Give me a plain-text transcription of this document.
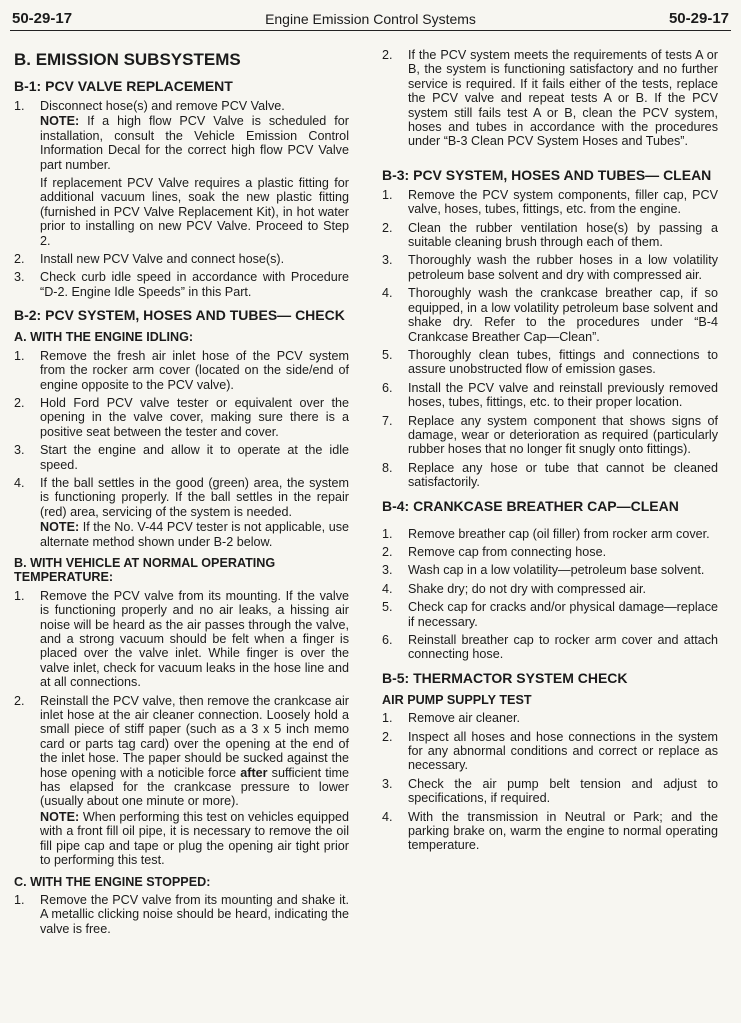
50-29-17	Engine Emission Control Systems	50-29-17
B. EMISSION SUBSYSTEMS
B-1: PCV VALVE REPLACEMENT
1. Disconnect hose(s) and remove PCV Valve.
NOTE: If a high flow PCV Valve is scheduled for installation, consult the Vehicle Emission Control Information Decal for the correct high flow PCV Valve part number.
If replacement PCV Valve requires a plastic fitting for additional vacuum lines, soak the new plastic fitting (furnished in PCV Valve Replacement Kit), in hot water prior to installing on new PCV Valve. Proceed to Step 2.
2. Install new PCV Valve and connect hose(s).
3. Check curb idle speed in accordance with Procedure “D-2. Engine Idle Speeds” in this Part.
B-2: PCV SYSTEM, HOSES AND TUBES— CHECK
A. WITH THE ENGINE IDLING:
1. Remove the fresh air inlet hose of the PCV system from the rocker arm cover (located on the side/end of engine opposite to the PCV valve).
2. Hold Ford PCV valve tester or equivalent over the opening in the valve cover, making sure there is a positive seat between the tester and cover.
3. Start the engine and allow it to operate at the idle speed.
4. If the ball settles in the good (green) area, the system is functioning properly. If the ball settles in the repair (red) area, servicing of the system is needed.
NOTE: If the No. V-44 PCV tester is not applicable, use alternate method shown under B-2 below.
B. WITH VEHICLE AT NORMAL OPERATING TEMPERATURE:
1. Remove the PCV valve from its mounting. If the valve is functioning properly and no air leaks, a hissing air noise will be heard as the air passes through the valve, and a strong vacuum should be felt when a finger is placed over the valve inlet. While finger is over the valve inlet, check for vacuum leaks in the hose line and at all connections.
2. Reinstall the PCV valve, then remove the crankcase air inlet hose at the air cleaner connection. Loosely hold a small piece of stiff paper (such as a 3 x 5 inch memo card or parts tag card) over the opening at the end of the inlet hose. The paper should be sucked against the hose opening with a noticible force after sufficient time has elapsed for the crankcase pressure to lower (usually about one minute or more).
NOTE: When performing this test on vehicles equipped with a front fill oil pipe, it is necessary to remove the oil fill pipe cap and tape or plug the opening air tight prior to performing this test.
C. WITH THE ENGINE STOPPED:
1. Remove the PCV valve from its mounting and shake it. A metallic clicking noise should be heard, indicating the valve is free.
2. If the PCV system meets the requirements of tests A or B, the system is functioning satisfactory and no further service is required. If it fails either of the tests, replace the PCV valve and repeat tests A or B. If the PCV system still fails test A or B, clean the PCV system, hoses and tubes in accordance with the procedures under “B-3 Clean PCV System Hoses and Tubes”.
B-3: PCV SYSTEM, HOSES AND TUBES— CLEAN
1. Remove the PCV system components, filler cap, PCV valve, hoses, tubes, fittings, etc. from the engine.
2. Clean the rubber ventilation hose(s) by passing a suitable cleaning brush through each of them.
3. Thoroughly wash the rubber hoses in a low volatility petroleum base solvent and dry with compressed air.
4. Thoroughly wash the crankcase breather cap, if so equipped, in a low volatility petroleum base solvent and shake dry. Refer to the procedures under “B-4 Crankcase Breather Cap—Clean”.
5. Thoroughly clean tubes, fittings and connections to assure unobstructed flow of emission gases.
6. Install the PCV valve and reinstall previously removed hoses, tubes, fittings, etc. to their proper location.
7. Replace any system component that shows signs of damage, wear or deterioration as required (particularly rubber hoses that no longer fit snugly onto fittings).
8. Replace any hose or tube that cannot be cleaned satisfactorily.
B-4: CRANKCASE BREATHER CAP—CLEAN
1. Remove breather cap (oil filler) from rocker arm cover.
2. Remove cap from connecting hose.
3. Wash cap in a low volatility—petroleum base solvent.
4. Shake dry; do not dry with compressed air.
5. Check cap for cracks and/or physical damage—replace if necessary.
6. Reinstall breather cap to rocker arm cover and attach connecting hose.
B-5: THERMACTOR SYSTEM CHECK
AIR PUMP SUPPLY TEST
1. Remove air cleaner.
2. Inspect all hoses and hose connections in the system for any abnormal conditions and correct or replace as necessary.
3. Check the air pump belt tension and adjust to specifications, if required.
4. With the transmission in Neutral or Park; and the parking brake on, warm the engine to normal operating temperature.
